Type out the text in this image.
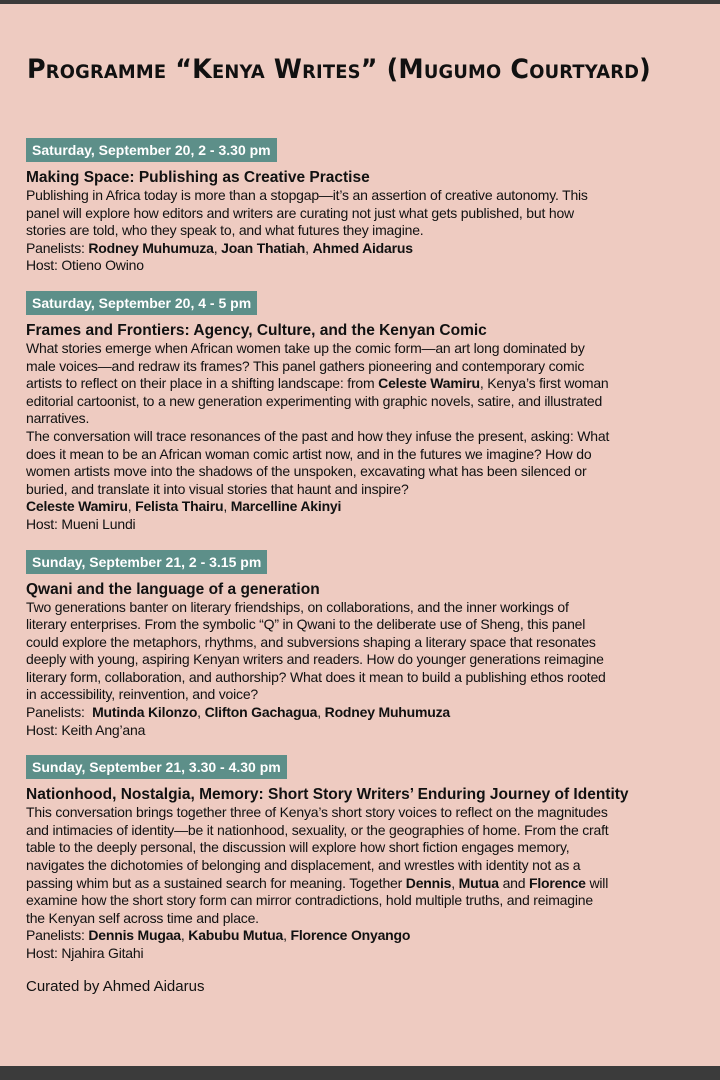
Programme “Kenya Writes” (Mugumo Courtyard)
Saturday, September 20, 2 - 3.30 pm
Making Space: Publishing as Creative Practise
Publishing in Africa today is more than a stopgap—it’s an assertion of creative autonomy. This
panel will explore how editors and writers are curating not just what gets published, but how
stories are told, who they speak to, and what futures they imagine.
Panelists: Rodney Muhumuza, Joan Thatiah, Ahmed Aidarus
Host: Otieno Owino
Saturday, September 20, 4 - 5 pm
Frames and Frontiers: Agency, Culture, and the Kenyan Comic
What stories emerge when African women take up the comic form—an art long dominated by
male voices—and redraw its frames? This panel gathers pioneering and contemporary comic
artists to reflect on their place in a shifting landscape: from Celeste Wamiru, Kenya’s first woman
editorial cartoonist, to a new generation experimenting with graphic novels, satire, and illustrated
narratives.
The conversation will trace resonances of the past and how they infuse the present, asking: What
does it mean to be an African woman comic artist now, and in the futures we imagine? How do
women artists move into the shadows of the unspoken, excavating what has been silenced or
buried, and translate it into visual stories that haunt and inspire?
Celeste Wamiru, Felista Thairu, Marcelline Akinyi
Host: Mueni Lundi
Sunday, September 21, 2 - 3.15 pm
Qwani and the language of a generation
Two generations banter on literary friendships, on collaborations, and the inner workings of
literary enterprises. From the symbolic “Q” in Qwani to the deliberate use of Sheng, this panel
could explore the metaphors, rhythms, and subversions shaping a literary space that resonates
deeply with young, aspiring Kenyan writers and readers. How do younger generations reimagine
literary form, collaboration, and authorship? What does it mean to build a publishing ethos rooted
in accessibility, reinvention, and voice?
Panelists:  Mutinda Kilonzo, Clifton Gachagua, Rodney Muhumuza
Host: Keith Ang’ana
Sunday, September 21, 3.30 - 4.30 pm
Nationhood, Nostalgia, Memory: Short Story Writers’ Enduring Journey of Identity
This conversation brings together three of Kenya’s short story voices to reflect on the magnitudes
and intimacies of identity—be it nationhood, sexuality, or the geographies of home. From the craft
table to the deeply personal, the discussion will explore how short fiction engages memory,
navigates the dichotomies of belonging and displacement, and wrestles with identity not as a
passing whim but as a sustained search for meaning. Together Dennis, Mutua and Florence will
examine how the short story form can mirror contradictions, hold multiple truths, and reimagine
the Kenyan self across time and place.
Panelists: Dennis Mugaa, Kabubu Mutua, Florence Onyango
Host: Njahira Gitahi
Curated by Ahmed Aidarus
